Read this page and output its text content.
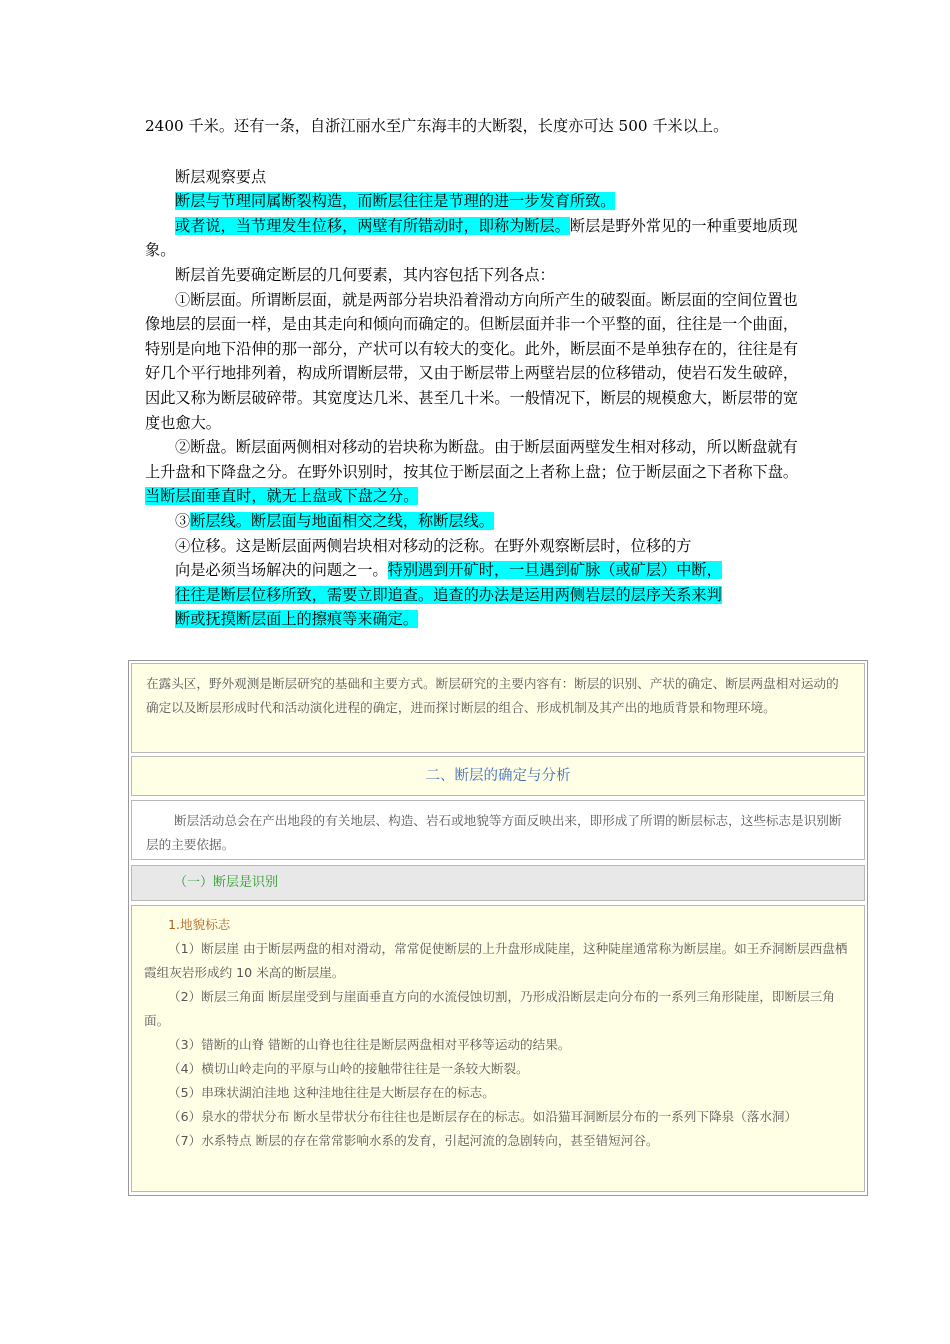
2400 千米。还有一条，自浙江丽水至广东海丰的大断裂，长度亦可达 500 千米以上。

断层观察要点

断层与节理同属断裂构造，而断层往往是节理的进一步发育所致。

或者说，当节理发生位移，两壁有所错动时，即称为断层。断层是野外常见的一种重要地质现象。

断层首先要确定断层的几何要素，其内容包括下列各点：

①断层面。所谓断层面，就是两部分岩块沿着滑动方向所产生的破裂面。断层面的空间位置也像地层的层面一样，是由其走向和倾向而确定的。但断层面并非一个平整的面，往往是一个曲面，特别是向地下沿伸的那一部分，产状可以有较大的变化。此外，断层面不是单独存在的，往往是有好几个平行地排列着，构成所谓断层带，又由于断层带上两壁岩层的位移错动，使岩石发生破碎，因此又称为断层破碎带。其宽度达几米、甚至几十米。一般情况下，断层的规模愈大，断层带的宽度也愈大。

②断盘。断层面两侧相对移动的岩块称为断盘。由于断层面两壁发生相对移动，所以断盘就有上升盘和下降盘之分。在野外识别时，按其位于断层面之上者称上盘；位于断层面之下者称下盘。当断层面垂直时，就无上盘或下盘之分。

③断层线。断层面与地面相交之线，称断层线。

④位移。这是断层面两侧岩块相对移动的泛称。在野外观察断层时，位移的方

向是必须当场解决的问题之一。特别遇到开矿时，一旦遇到矿脉（或矿层）中断，

往往是断层位移所致，需要立即追查。追查的办法是运用两侧岩层的层序关系来判

断或抚摸断层面上的擦痕等来确定。

在露头区，野外观测是断层研究的基础和主要方式。断层研究的主要内容有：断层的识别、产状的确定、断层两盘相对运动的确定以及断层形成时代和活动演化进程的确定，进而探讨断层的组合、形成机制及其产出的地质背景和物理环境。

二、断层的确定与分析

断层活动总会在产出地段的有关地层、构造、岩石或地貌等方面反映出来，即形成了所谓的断层标志，这些标志是识别断层的主要依据。

（一）断层是识别

1.地貌标志

（1）断层崖 由于断层两盘的相对滑动，常常促使断层的上升盘形成陡崖，这种陡崖通常称为断层崖。如王乔洞断层西盘栖霞组灰岩形成约 10 米高的断层崖。

（2）断层三角面 断层崖受到与崖面垂直方向的水流侵蚀切割，乃形成沿断层走向分布的一系列三角形陡崖，即断层三角面。

（3）错断的山脊 错断的山脊也往往是断层两盘相对平移等运动的结果。

（4）横切山岭走向的平原与山岭的接触带往往是一条较大断裂。

（5）串珠状湖泊洼地 这种洼地往往是大断层存在的标志。

（6）泉水的带状分布 断水呈带状分布往往也是断层存在的标志。如沿猫耳洞断层分布的一系列下降泉（落水洞）

（7）水系特点 断层的存在常常影响水系的发育，引起河流的急剧转向，甚至错短河谷。
